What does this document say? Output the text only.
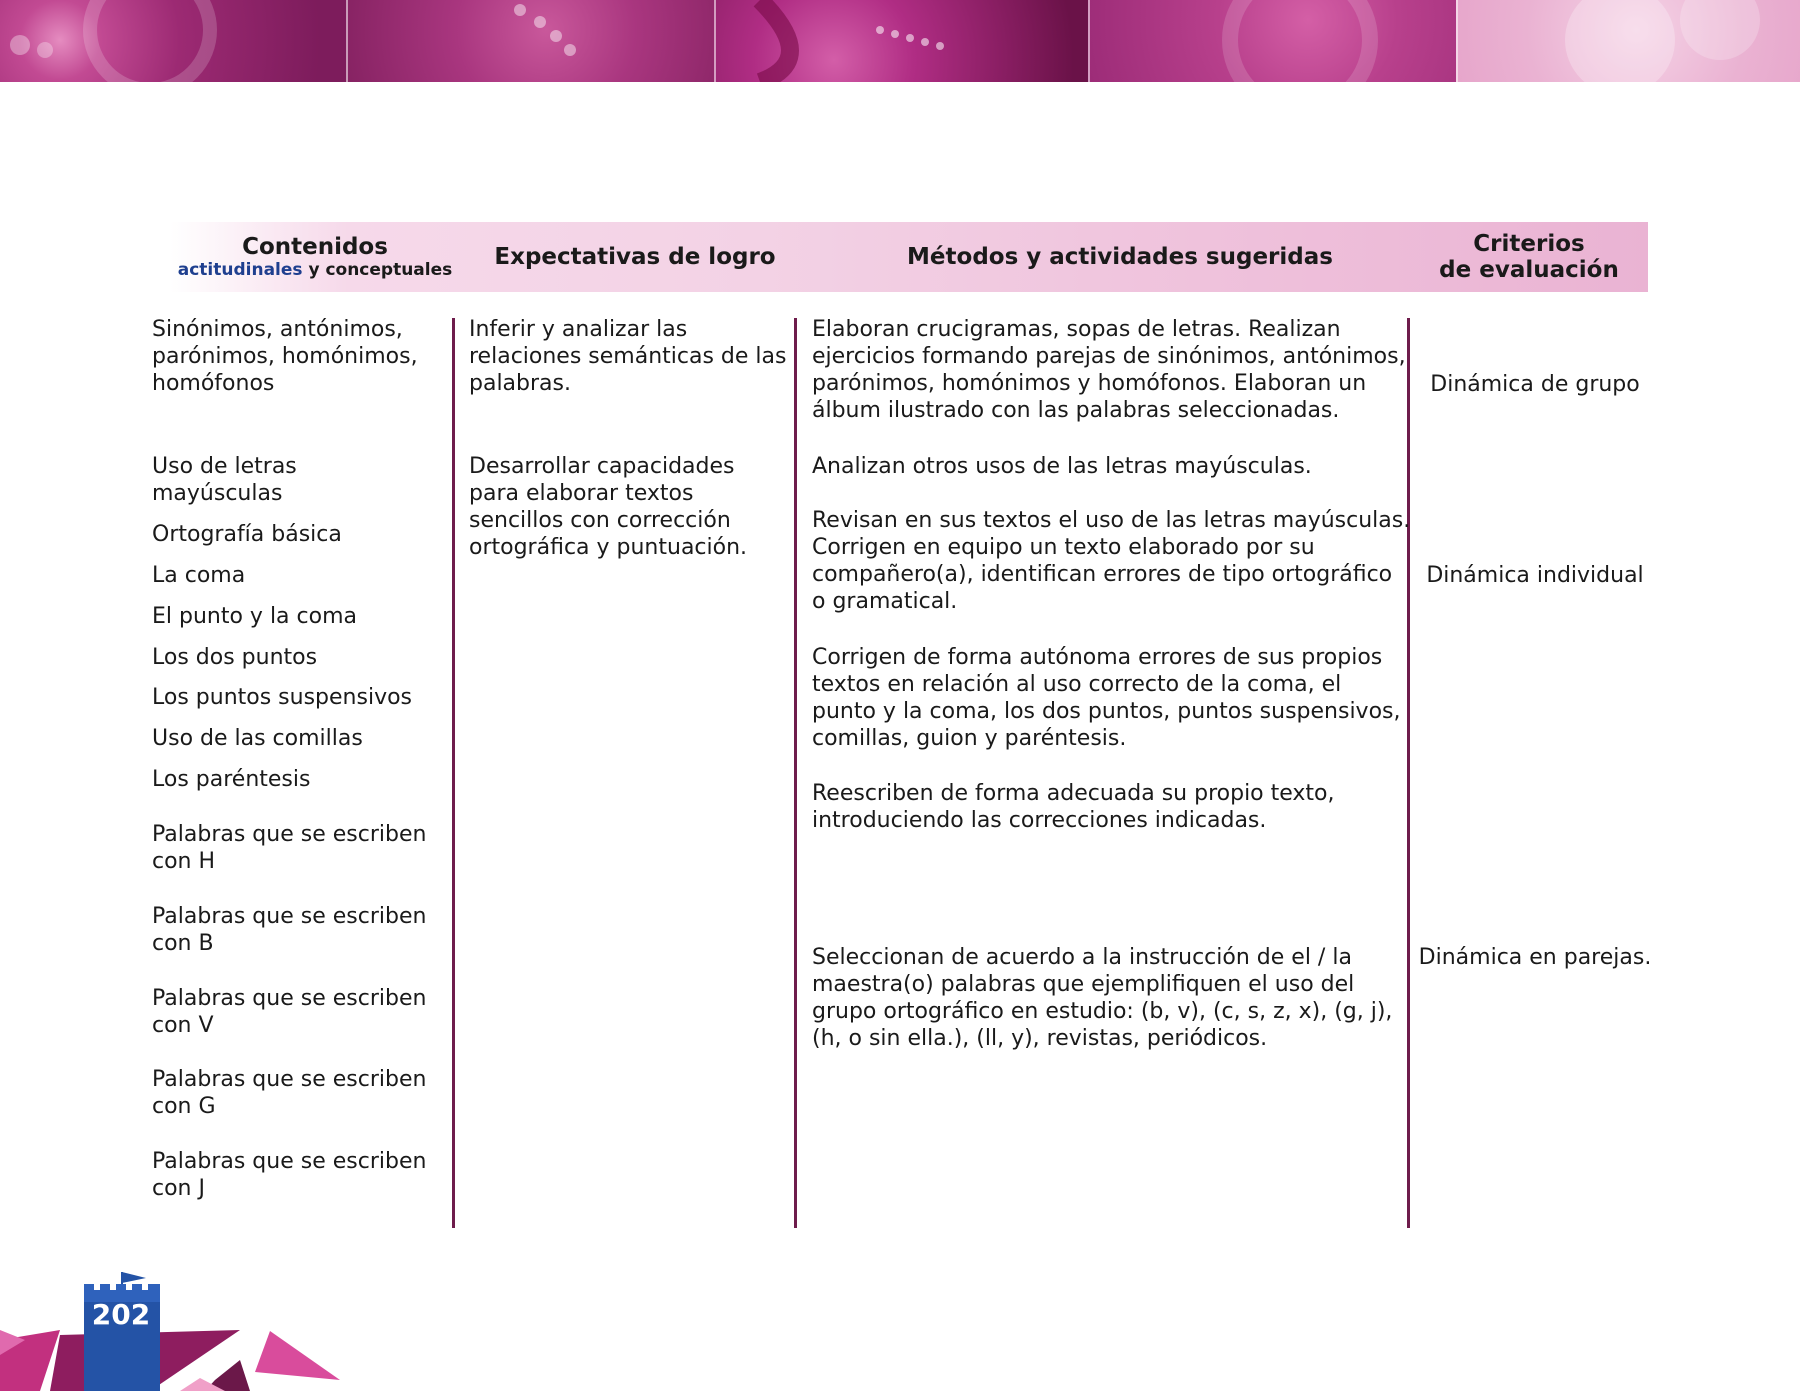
Contenidos
actitudinales y conceptuales Expectativas de logro	Métodos y actividades sugeridas	Criterios
de evaluación
Sinónimos, antónimos, parónimos, homónimos, homófonos
Uso de letras mayúsculas
Ortografía básica
La coma
El punto y la coma
Los dos puntos
Los puntos suspensivos
Uso de las comillas
Los paréntesis
Palabras que se escriben con H
Palabras que se escriben con B
Palabras que se escriben con V
Palabras que se escriben con G
Palabras que se escriben con J
Inferir y analizar las relaciones semánticas de las palabras.
Desarrollar capacidades para elaborar textos sencillos con corrección ortográfica y puntuación.
Elaboran crucigramas, sopas de letras. Realizan ejercicios formando parejas de sinónimos, antónimos, parónimos, homónimos y homófonos. Elaboran un álbum ilustrado con las palabras seleccionadas.
Analizan otros usos de las letras mayúsculas.
Revisan en sus textos el uso de las letras mayúsculas. Corrigen en equipo un texto elaborado por su compañero(a), identifican errores de tipo ortográfico o gramatical.
Corrigen de forma autónoma errores de sus propios textos en relación al uso correcto de la coma, el punto y la coma, los dos puntos, puntos suspensivos, comillas, guion y paréntesis.
Reescriben de forma adecuada su propio texto, introduciendo las correcciones indicadas.
Seleccionan de acuerdo a la instrucción de el / la maestra(o) palabras que ejemplifiquen el uso del grupo ortográfico en estudio: (b, v), (c, s, z, x), (g, j), (h, o sin ella.), (ll, y), revistas, periódicos.
Dinámica de grupo
Dinámica individual
Dinámica en parejas.
202
